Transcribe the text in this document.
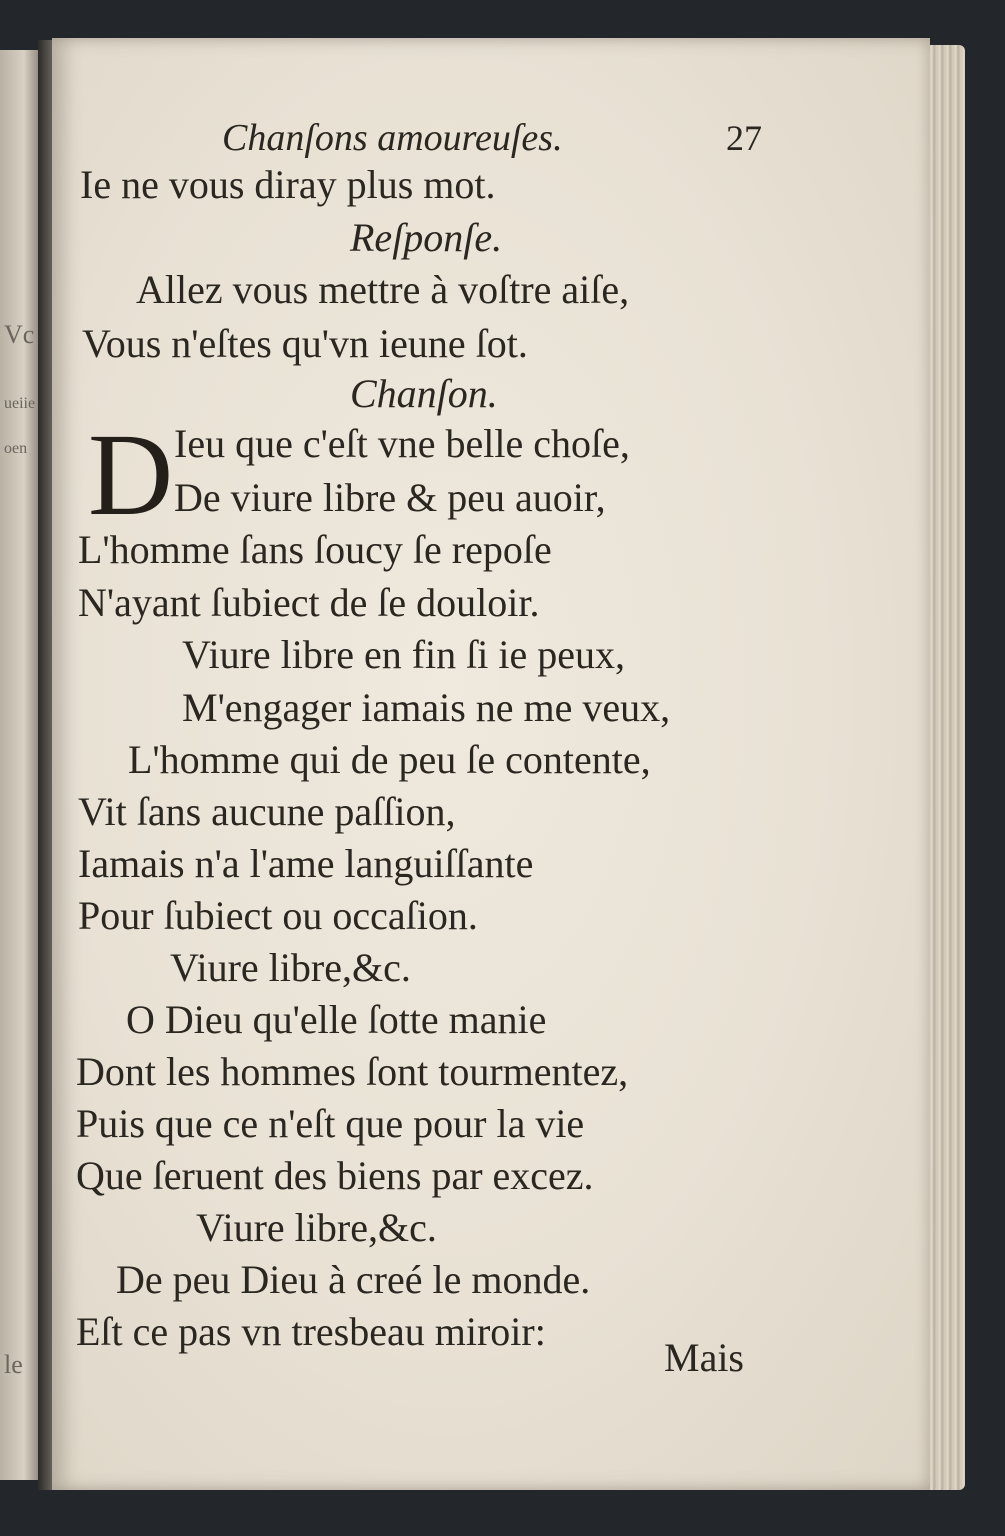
Vc
ueiie
oen
le
Chanſons amoureuſes.	27
Ie ne vous diray plus mot.
Reſponſe.
Allez vous mettre à voſtre aiſe,
Vous n'eſtes qu'vn ieune ſot.
Chanſon.
D Ieu que c'eſt vne belle choſe,
De viure libre & peu auoir,
L'homme ſans ſoucy ſe repoſe
N'ayant ſubiect de ſe douloir.
Viure libre en fin ſi ie peux,
M'engager iamais ne me veux,
L'homme qui de peu ſe contente,
Vit ſans aucune paſſion,
Iamais n'a l'ame languiſſante
Pour ſubiect ou occaſion.
Viure libre,&c.
O Dieu qu'elle ſotte manie
Dont les hommes ſont tourmentez,
Puis que ce n'eſt que pour la vie
Que ſeruent des biens par excez.
Viure libre,&c.
De peu Dieu à creé le monde.
Eſt ce pas vn tresbeau miroir:
Mais
